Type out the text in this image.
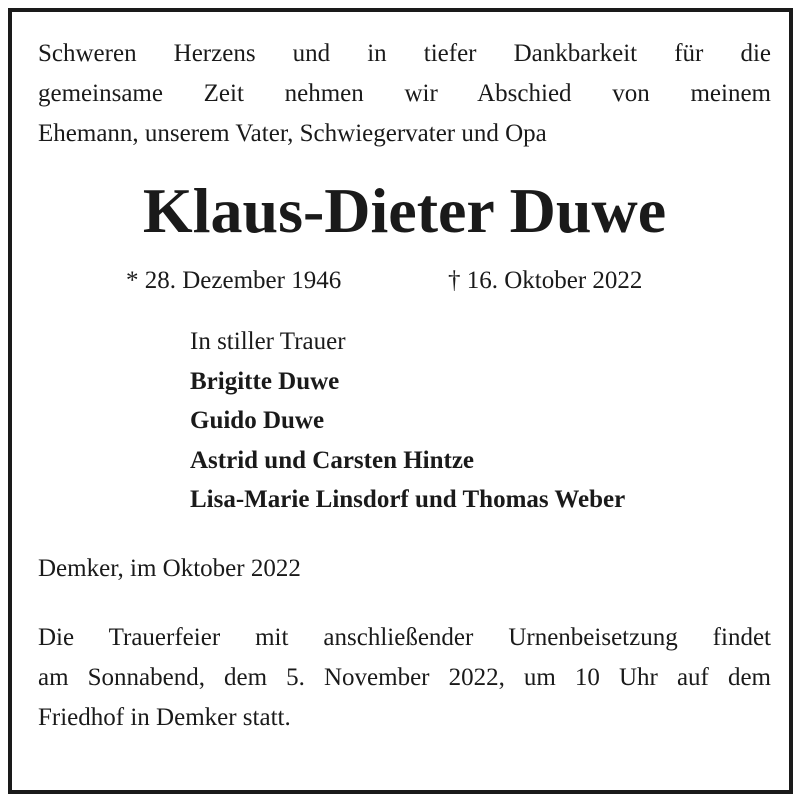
Schweren Herzens und in tiefer Dankbarkeit für die
gemeinsame Zeit nehmen wir Abschied von meinem
Ehemann, unserem Vater, Schwiegervater und Opa

Klaus-Dieter Duwe
* 28. Dezember 1946	† 16. Oktober 2022
In stiller Trauer
Brigitte Duwe
Guido Duwe
Astrid und Carsten Hintze
Lisa-Marie Linsdorf und Thomas Weber
Demker, im Oktober 2022
Die Trauerfeier mit anschließender Urnenbeisetzung findet
am Sonnabend, dem 5. November 2022, um 10 Uhr auf dem
Friedhof in Demker statt.
